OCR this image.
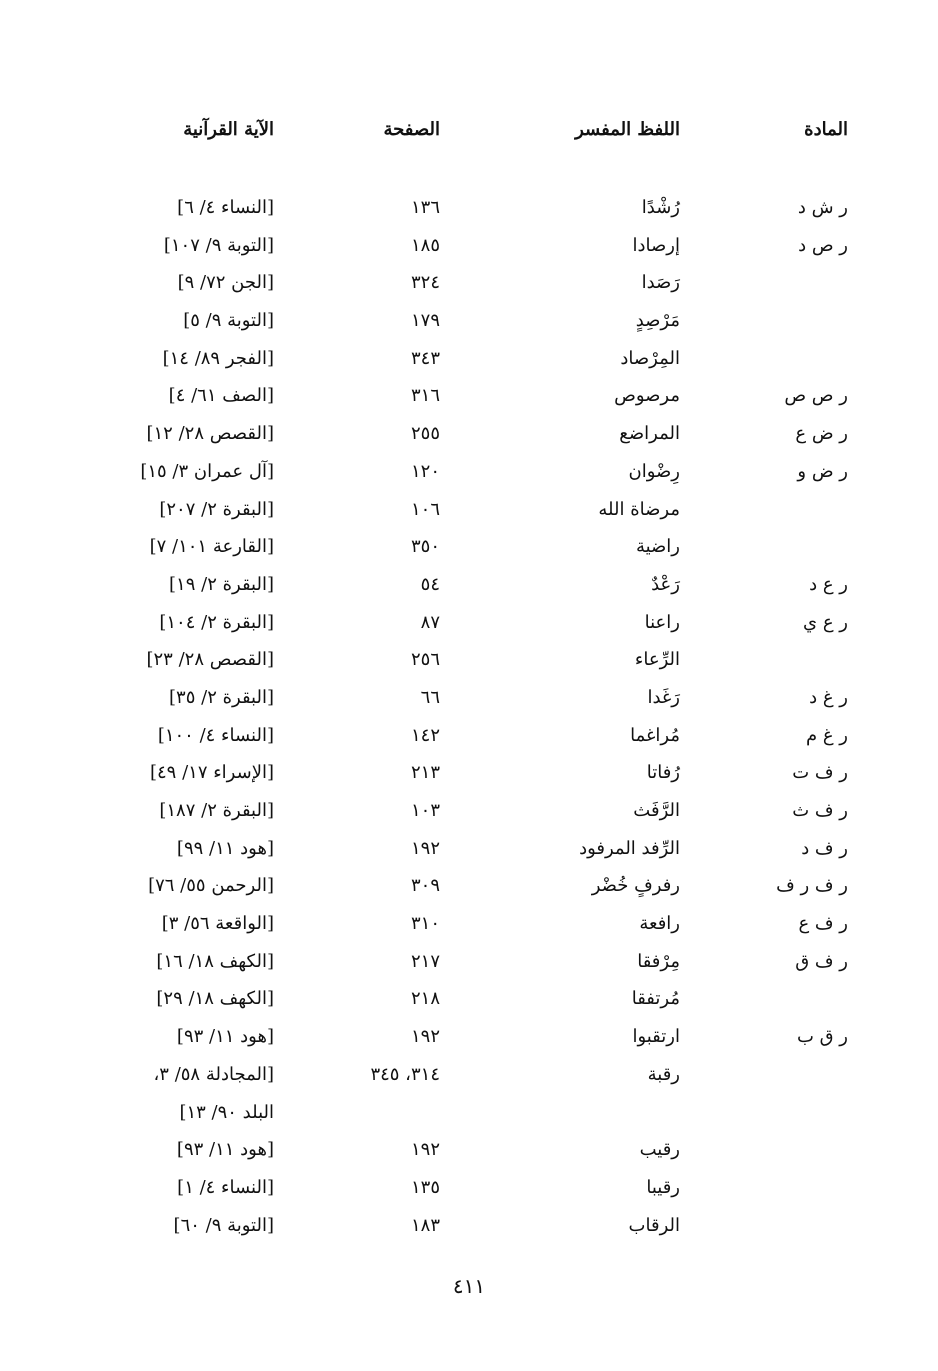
المادة
اللفظ المفسر
الصفحة
الآية القرآنية
ر ش د
رُشْدًا
١٣٦
[النساء ٤/ ٦]
ر ص د
إرصادا
١٨٥
[التوبة ٩/ ١٠٧]
رَصَدا
٣٢٤
[الجن ٧٢/ ٩]
مَرْصِدٍ
١٧٩
[التوبة ٩/ ٥]
المِرْصاد
٣٤٣
[الفجر ٨٩/ ١٤]
ر ص ص
مرصوص
٣١٦
[الصف ٦١/ ٤]
ر ض ع
المراضع
٢٥٥
[القصص ٢٨/ ١٢]
ر ض و
رِضْوان
١٢٠
[آل عمران ٣/ ١٥]
مرضاة الله
١٠٦
[البقرة ٢/ ٢٠٧]
راضية
٣٥٠
[القارعة ١٠١/ ٧]
ر ع د
رَعْدٌ
٥٤
[البقرة ٢/ ١٩]
ر ع ي
راعنا
٨٧
[البقرة ٢/ ١٠٤]
الرِّعاء
٢٥٦
[القصص ٢٨/ ٢٣]
ر غ د
رَغَدا
٦٦
[البقرة ٢/ ٣٥]
ر غ م
مُراغما
١٤٢
[النساء ٤/ ١٠٠]
ر ف ت
رُفاتا
٢١٣
[الإسراء ١٧/ ٤٩]
ر ف ث
الرَّفَث
١٠٣
[البقرة ٢/ ١٨٧]
ر ف د
الرِّفد المرفود
١٩٢
[هود ١١/ ٩٩]
ر ف ر ف
رفرفٍ خُضْر
٣٠٩
[الرحمن ٥٥/ ٧٦]
ر ف ع
رافعة
٣١٠
[الواقعة ٥٦/ ٣]
ر ف ق
مِرْفقا
٢١٧
[الكهف ١٨/ ١٦]
مُرتفقا
٢١٨
[الكهف ١٨/ ٢٩]
ر ق ب
ارتقبوا
١٩٢
[هود ١١/ ٩٣]
رقبة
٣١٤، ٣٤٥
[المجادلة ٥٨/ ٣،
البلد ٩٠/ ١٣]
رقيب
١٩٢
[هود ١١/ ٩٣]
رقيبا
١٣٥
[النساء ٤/ ١]
الرقاب
١٨٣
[التوبة ٩/ ٦٠]
٤١١
